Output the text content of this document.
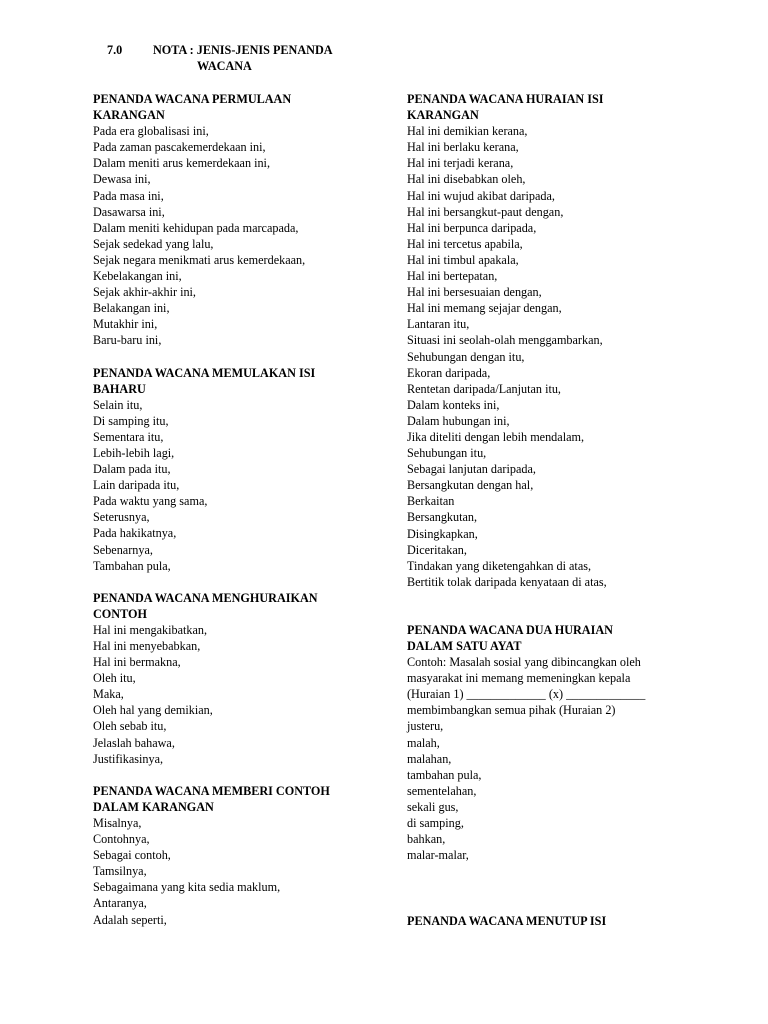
7.0	NOTA : JENIS-JENIS PENANDA
WACANA
PENANDA WACANA PERMULAAN
KARANGAN
Pada era globalisasi ini,
Pada zaman pascakemerdekaan ini,
Dalam meniti arus kemerdekaan ini,
Dewasa ini,
Pada masa ini,
Dasawarsa ini,
Dalam meniti kehidupan pada marcapada,
Sejak sedekad yang lalu,
Sejak negara menikmati arus kemerdekaan,
Kebelakangan ini,
Sejak akhir-akhir ini,
Belakangan ini,
Mutakhir ini,
Baru-baru ini,
PENANDA WACANA MEMULAKAN ISI
BAHARU
Selain itu,
Di samping itu,
Sementara itu,
Lebih-lebih lagi,
Dalam pada itu,
Lain daripada itu,
Pada waktu yang sama,
Seterusnya,
Pada hakikatnya,
Sebenarnya,
Tambahan pula,
PENANDA WACANA MENGHURAIKAN
CONTOH
Hal ini mengakibatkan,
Hal ini menyebabkan,
Hal ini bermakna,
Oleh itu,
Maka,
Oleh hal yang demikian,
Oleh sebab itu,
Jelaslah bahawa,
Justifikasinya,
PENANDA WACANA MEMBERI CONTOH
DALAM KARANGAN
Misalnya,
Contohnya,
Sebagai contoh,
Tamsilnya,
Sebagaimana yang kita sedia maklum,
Antaranya,
Adalah seperti,
PENANDA WACANA HURAIAN ISI
KARANGAN
Hal ini demikian kerana,
Hal ini berlaku kerana,
Hal ini terjadi kerana,
Hal ini disebabkan oleh,
Hal ini wujud akibat daripada,
Hal ini bersangkut-paut dengan,
Hal ini berpunca daripada,
Hal ini tercetus apabila,
Hal ini timbul apakala,
Hal ini bertepatan,
Hal ini bersesuaian dengan,
Hal ini memang sejajar dengan,
Lantaran itu,
Situasi ini seolah-olah menggambarkan,
Sehubungan dengan itu,
Ekoran daripada,
Rentetan daripada/Lanjutan itu,
Dalam konteks ini,
Dalam hubungan ini,
Jika diteliti dengan lebih mendalam,
Sehubungan itu,
Sebagai lanjutan daripada,
Bersangkutan dengan hal,
Berkaitan
Bersangkutan,
Disingkapkan,
Diceritakan,
Tindakan yang diketengahkan di atas,
Bertitik tolak daripada kenyataan di atas,
PENANDA WACANA DUA HURAIAN
DALAM SATU AYAT
Contoh: Masalah sosial yang dibincangkan oleh
masyarakat ini memang memeningkan kepala
(Huraian 1) _____________ (x) _____________
membimbangkan semua pihak (Huraian 2)
justeru,
malah,
malahan,
tambahan pula,
sementelahan,
sekali gus,
di samping,
bahkan,
malar-malar,
PENANDA WACANA MENUTUP ISI
